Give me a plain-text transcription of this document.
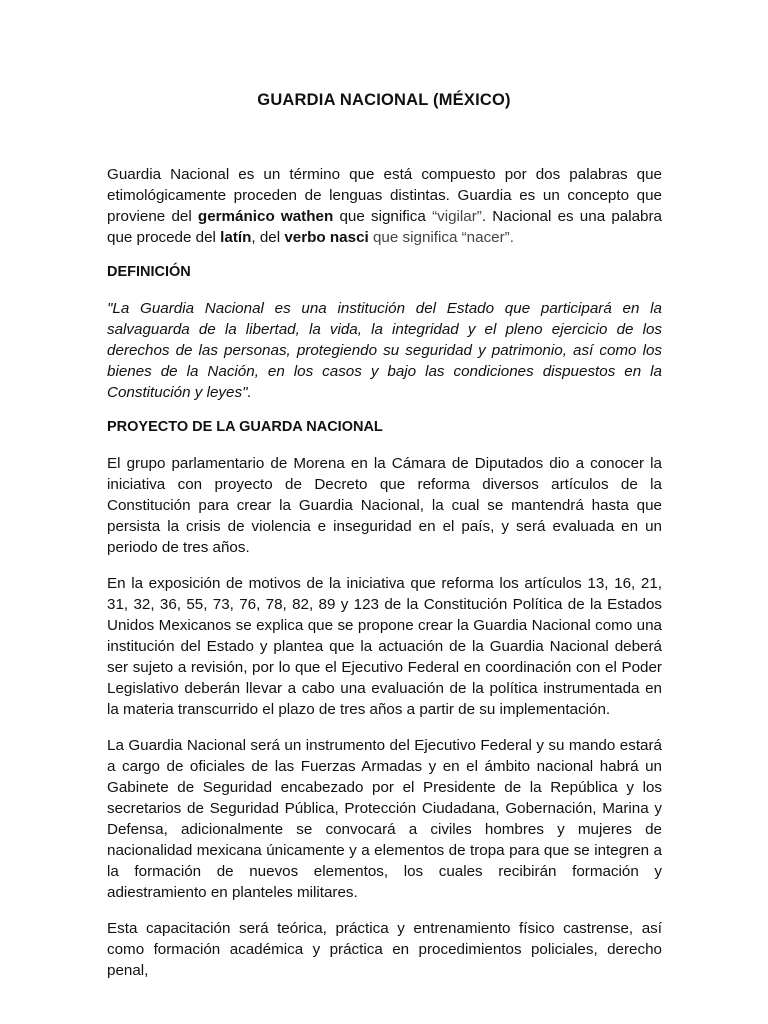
GUARDIA NACIONAL (MÉXICO)

Guardia Nacional es un término que está compuesto por dos palabras que etimológicamente proceden de lenguas distintas. Guardia es un concepto que proviene del germánico wathen que significa “vigilar”. Nacional es una palabra que procede del latín, del verbo nasci que significa “nacer”.

DEFINICIÓN

"La Guardia Nacional es una institución del Estado que participará en la salvaguarda de la libertad, la vida, la integridad y el pleno ejercicio de los derechos de las personas, protegiendo su seguridad y patrimonio, así como los bienes de la Nación, en los casos y bajo las condiciones dispuestos en la Constitución y leyes".

PROYECTO DE LA GUARDA NACIONAL

El grupo parlamentario de Morena en la Cámara de Diputados dio a conocer la iniciativa con proyecto de Decreto que reforma diversos artículos de la Constitución para crear la Guardia Nacional, la cual se mantendrá hasta que persista la crisis de violencia e inseguridad en el país, y será evaluada en un periodo de tres años.

En la exposición de motivos de la iniciativa que reforma los artículos 13, 16, 21, 31, 32, 36, 55, 73, 76, 78, 82, 89 y 123 de la Constitución Política de la Estados Unidos Mexicanos se explica que se propone crear la Guardia Nacional como una institución del Estado y plantea que la actuación de la Guardia Nacional deberá ser sujeto a revisión, por lo que el Ejecutivo Federal en coordinación con el Poder Legislativo deberán llevar a cabo una evaluación de la política instrumentada en la materia transcurrido el plazo de tres años a partir de su implementación.

La Guardia Nacional será un instrumento del Ejecutivo Federal y su mando estará a cargo de oficiales de las Fuerzas Armadas y en el ámbito nacional habrá un Gabinete de Seguridad encabezado por el Presidente de la República y los secretarios de Seguridad Pública, Protección Ciudadana, Gobernación, Marina y Defensa, adicionalmente se convocará a civiles hombres y mujeres de nacionalidad mexicana únicamente y a elementos de tropa para que se integren a la formación de nuevos elementos, los cuales recibirán formación y adiestramiento en planteles militares.

Esta capacitación será teórica, práctica y entrenamiento físico castrense, así como formación académica y práctica en procedimientos policiales, derecho penal,
